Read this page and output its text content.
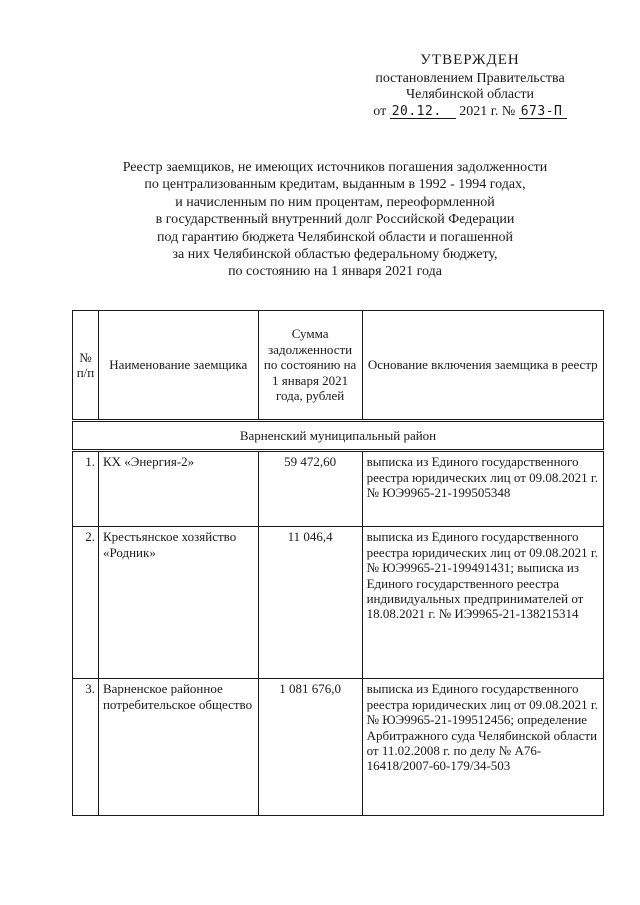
УТВЕРЖДЕН
постановлением Правительства
Челябинской области
от 20.12. 2021 г. № 673-П
Реестр заемщиков, не имеющих источников погашения задолженности
по централизованным кредитам, выданным в 1992 - 1994 годах,
и начисленным по ним процентам, переоформленной
в государственный внутренний долг Российской Федерации
под гарантию бюджета Челябинской области и погашенной
за них Челябинской областью федеральному бюджету,
по состоянию на 1 января 2021 года
№ п/п	Наименование заемщика	Сумма задолженности по состоянию на 1 января 2021 года, рублей	Основание включения заемщика в реестр
Варненский муниципальный район			
1.	КХ «Энергия-2»	59 472,60	выписка из Единого государственного реестра юридических лиц от 09.08.2021 г. № ЮЭ9965-21-199505348
2.	Крестьянское хозяйство «Родник»	11 046,4	выписка из Единого государственного реестра юридических лиц от 09.08.2021 г. № ЮЭ9965-21-199491431; выписка из Единого государственного реестра индивидуальных предпринимателей от 18.08.2021 г. № ИЭ9965-21-138215314
3.	Варненское районное потребительское общество	1 081 676,0	выписка из Единого государственного реестра юридических лиц от 09.08.2021 г. № ЮЭ9965-21-199512456; определение Арбитражного суда Челябинской области от 11.02.2008 г. по делу № А76-16418/2007-60-179/34-503
